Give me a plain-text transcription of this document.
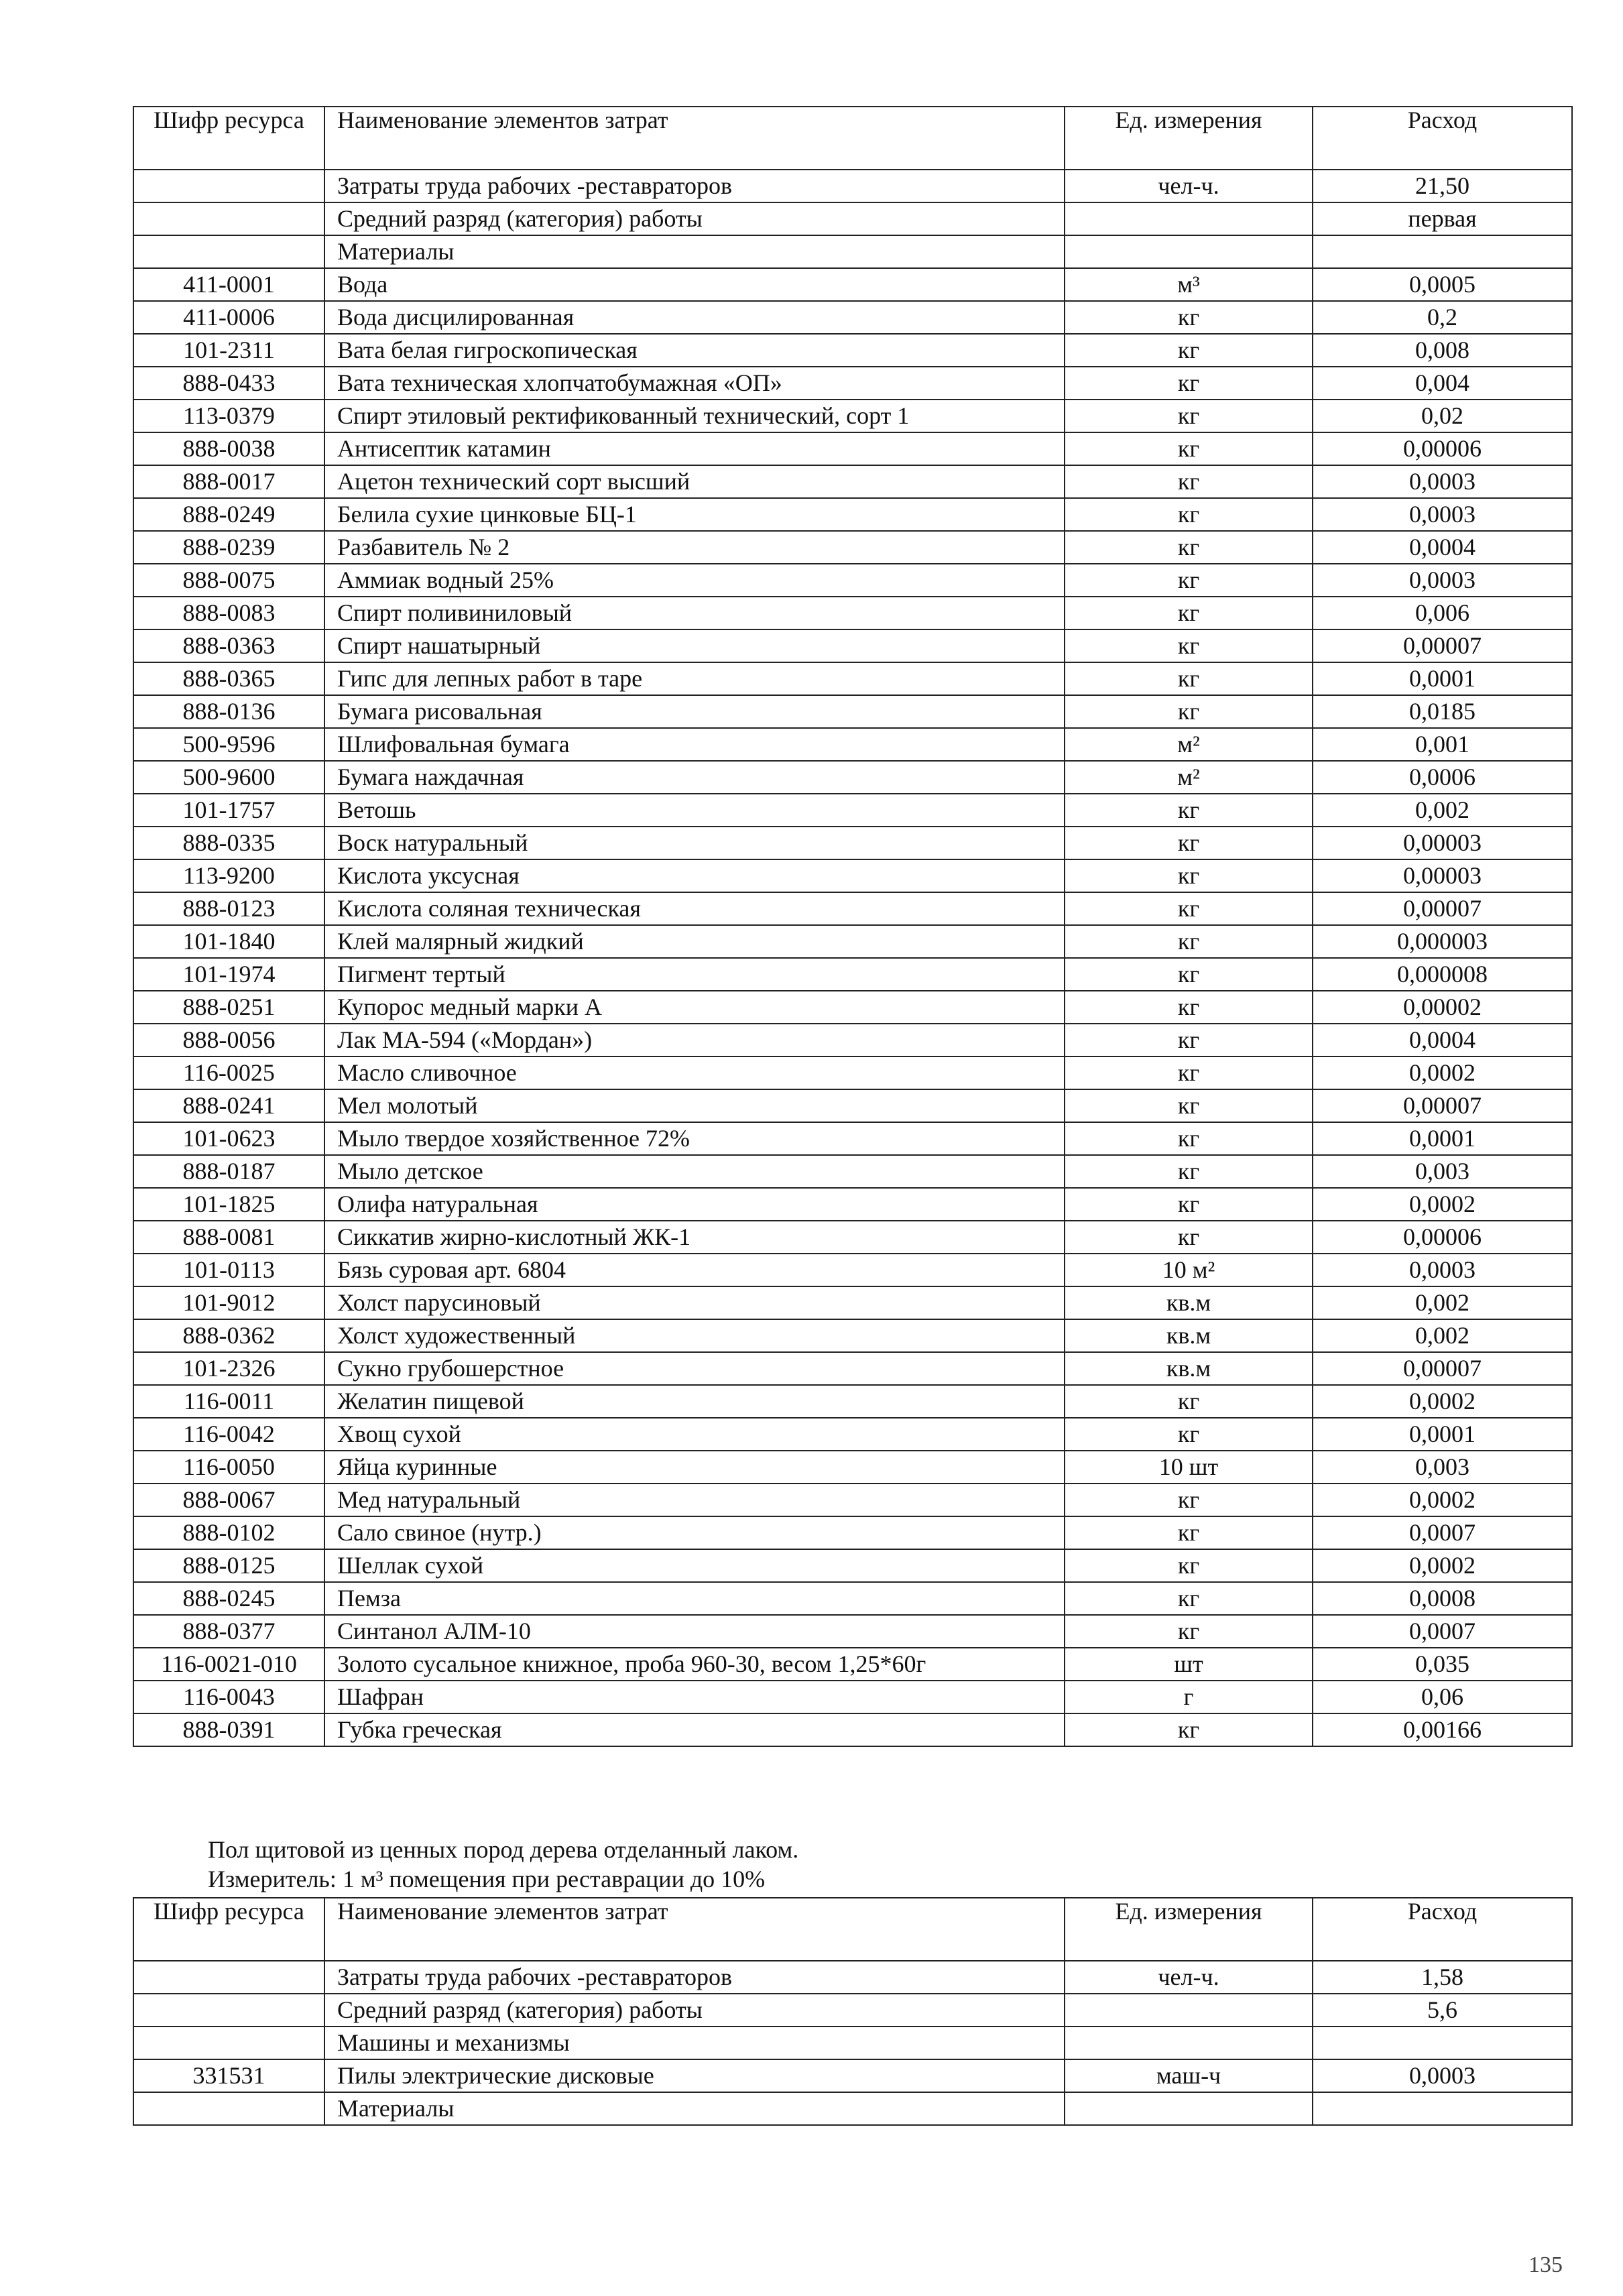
Шифр ресурса	Наименование элементов затрат	Ед. измерения	Расход
	Затраты труда рабочих -реставраторов	чел-ч.	21,50
	Средний разряд (категория) работы		первая
	Материалы		
411-0001	Вода	м³	0,0005
411-0006	Вода дисцилированная	кг	0,2
101-2311	Вата белая гигроскопическая	кг	0,008
888-0433	Вата техническая хлопчатобумажная «ОП»	кг	0,004
113-0379	Спирт этиловый ректификованный технический, сорт 1	кг	0,02
888-0038	Антисептик катамин	кг	0,00006
888-0017	Ацетон технический сорт высший	кг	0,0003
888-0249	Белила сухие цинковые БЦ-1	кг	0,0003
888-0239	Разбавитель № 2	кг	0,0004
888-0075	Аммиак водный 25%	кг	0,0003
888-0083	Спирт поливиниловый	кг	0,006
888-0363	Спирт нашатырный	кг	0,00007
888-0365	Гипс для лепных работ в таре	кг	0,0001
888-0136	Бумага рисовальная	кг	0,0185
500-9596	Шлифовальная бумага	м²	0,001
500-9600	Бумага наждачная	м²	0,0006
101-1757	Ветошь	кг	0,002
888-0335	Воск натуральный	кг	0,00003
113-9200	Кислота уксусная	кг	0,00003
888-0123	Кислота соляная техническая	кг	0,00007
101-1840	Клей малярный жидкий	кг	0,000003
101-1974	Пигмент тертый	кг	0,000008
888-0251	Купорос медный марки А	кг	0,00002
888-0056	Лак МА-594 («Мордан»)	кг	0,0004
116-0025	Масло сливочное	кг	0,0002
888-0241	Мел молотый	кг	0,00007
101-0623	Мыло твердое хозяйственное 72%	кг	0,0001
888-0187	Мыло детское	кг	0,003
101-1825	Олифа натуральная	кг	0,0002
888-0081	Сиккатив жирно-кислотный ЖК-1	кг	0,00006
101-0113	Бязь суровая арт. 6804	10 м²	0,0003
101-9012	Холст парусиновый	кв.м	0,002
888-0362	Холст художественный	кв.м	0,002
101-2326	Сукно грубошерстное	кв.м	0,00007
116-0011	Желатин пищевой	кг	0,0002
116-0042	Хвощ сухой	кг	0,0001
116-0050	Яйца куринные	10 шт	0,003
888-0067	Мед натуральный	кг	0,0002
888-0102	Сало свиное (нутр.)	кг	0,0007
888-0125	Шеллак сухой	кг	0,0002
888-0245	Пемза	кг	0,0008
888-0377	Синтанол АЛМ-10	кг	0,0007
116-0021-010	Золото сусальное книжное, проба 960-30, весом 1,25*60г	шт	0,035
116-0043	Шафран	г	0,06
888-0391	Губка греческая	кг	0,00166
Пол щитовой из ценных пород дерева отделанный лаком.
Измеритель: 1 м³ помещения при реставрации до 10%
Шифр ресурса	Наименование элементов затрат	Ед. измерения	Расход
	Затраты труда рабочих -реставраторов	чел-ч.	1,58
	Средний разряд (категория) работы		5,6
	Машины и механизмы		
331531	Пилы электрические дисковые	маш-ч	0,0003
	Материалы		
135
